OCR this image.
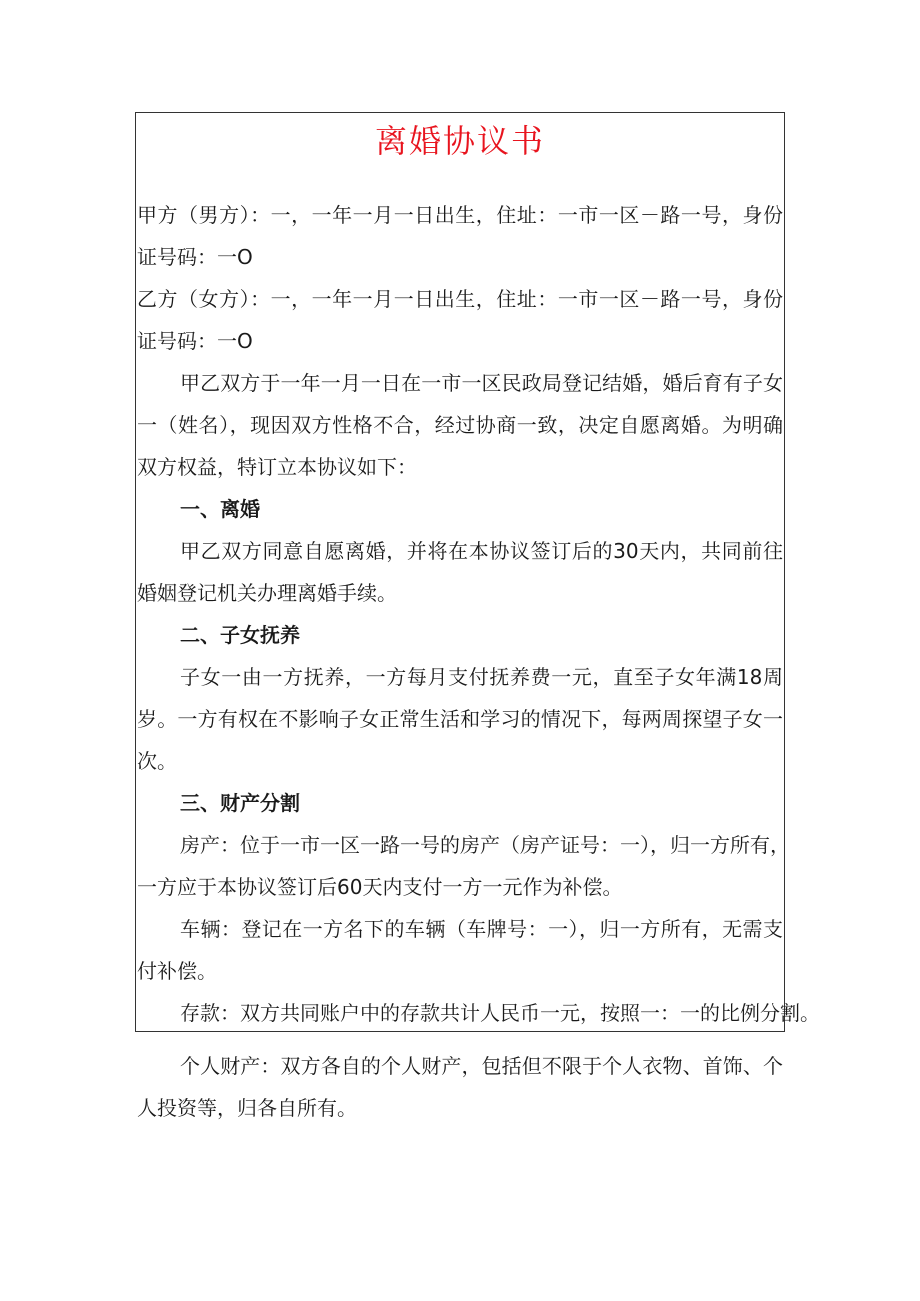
离婚协议书
甲方（男方）：一，一年一月一日出生，住址：一市一区－路一号，身份
证号码：一O
乙方（女方）：一，一年一月一日出生，住址：一市一区－路一号，身份
证号码：一O
甲乙双方于一年一月一日在一市一区民政局登记结婚，婚后育有子女
一（姓名），现因双方性格不合，经过协商一致，决定自愿离婚。为明确
双方权益，特订立本协议如下：
一、离婚
甲乙双方同意自愿离婚，并将在本协议签订后的30天内，共同前往
婚姻登记机关办理离婚手续。
二、子女抚养
子女一由一方抚养，一方每月支付抚养费一元，直至子女年满18周
岁。一方有权在不影响子女正常生活和学习的情况下，每两周探望子女一
次。
三、财产分割
房产：位于一市一区一路一号的房产（房产证号：一），归一方所有，
一方应于本协议签订后60天内支付一方一元作为补偿。
车辆：登记在一方名下的车辆（车牌号：一），归一方所有，无需支
付补偿。
存款：双方共同账户中的存款共计人民币一元，按照一：一的比例分割。
个人财产：双方各自的个人财产，包括但不限于个人衣物、首饰、个
人投资等，归各自所有。
